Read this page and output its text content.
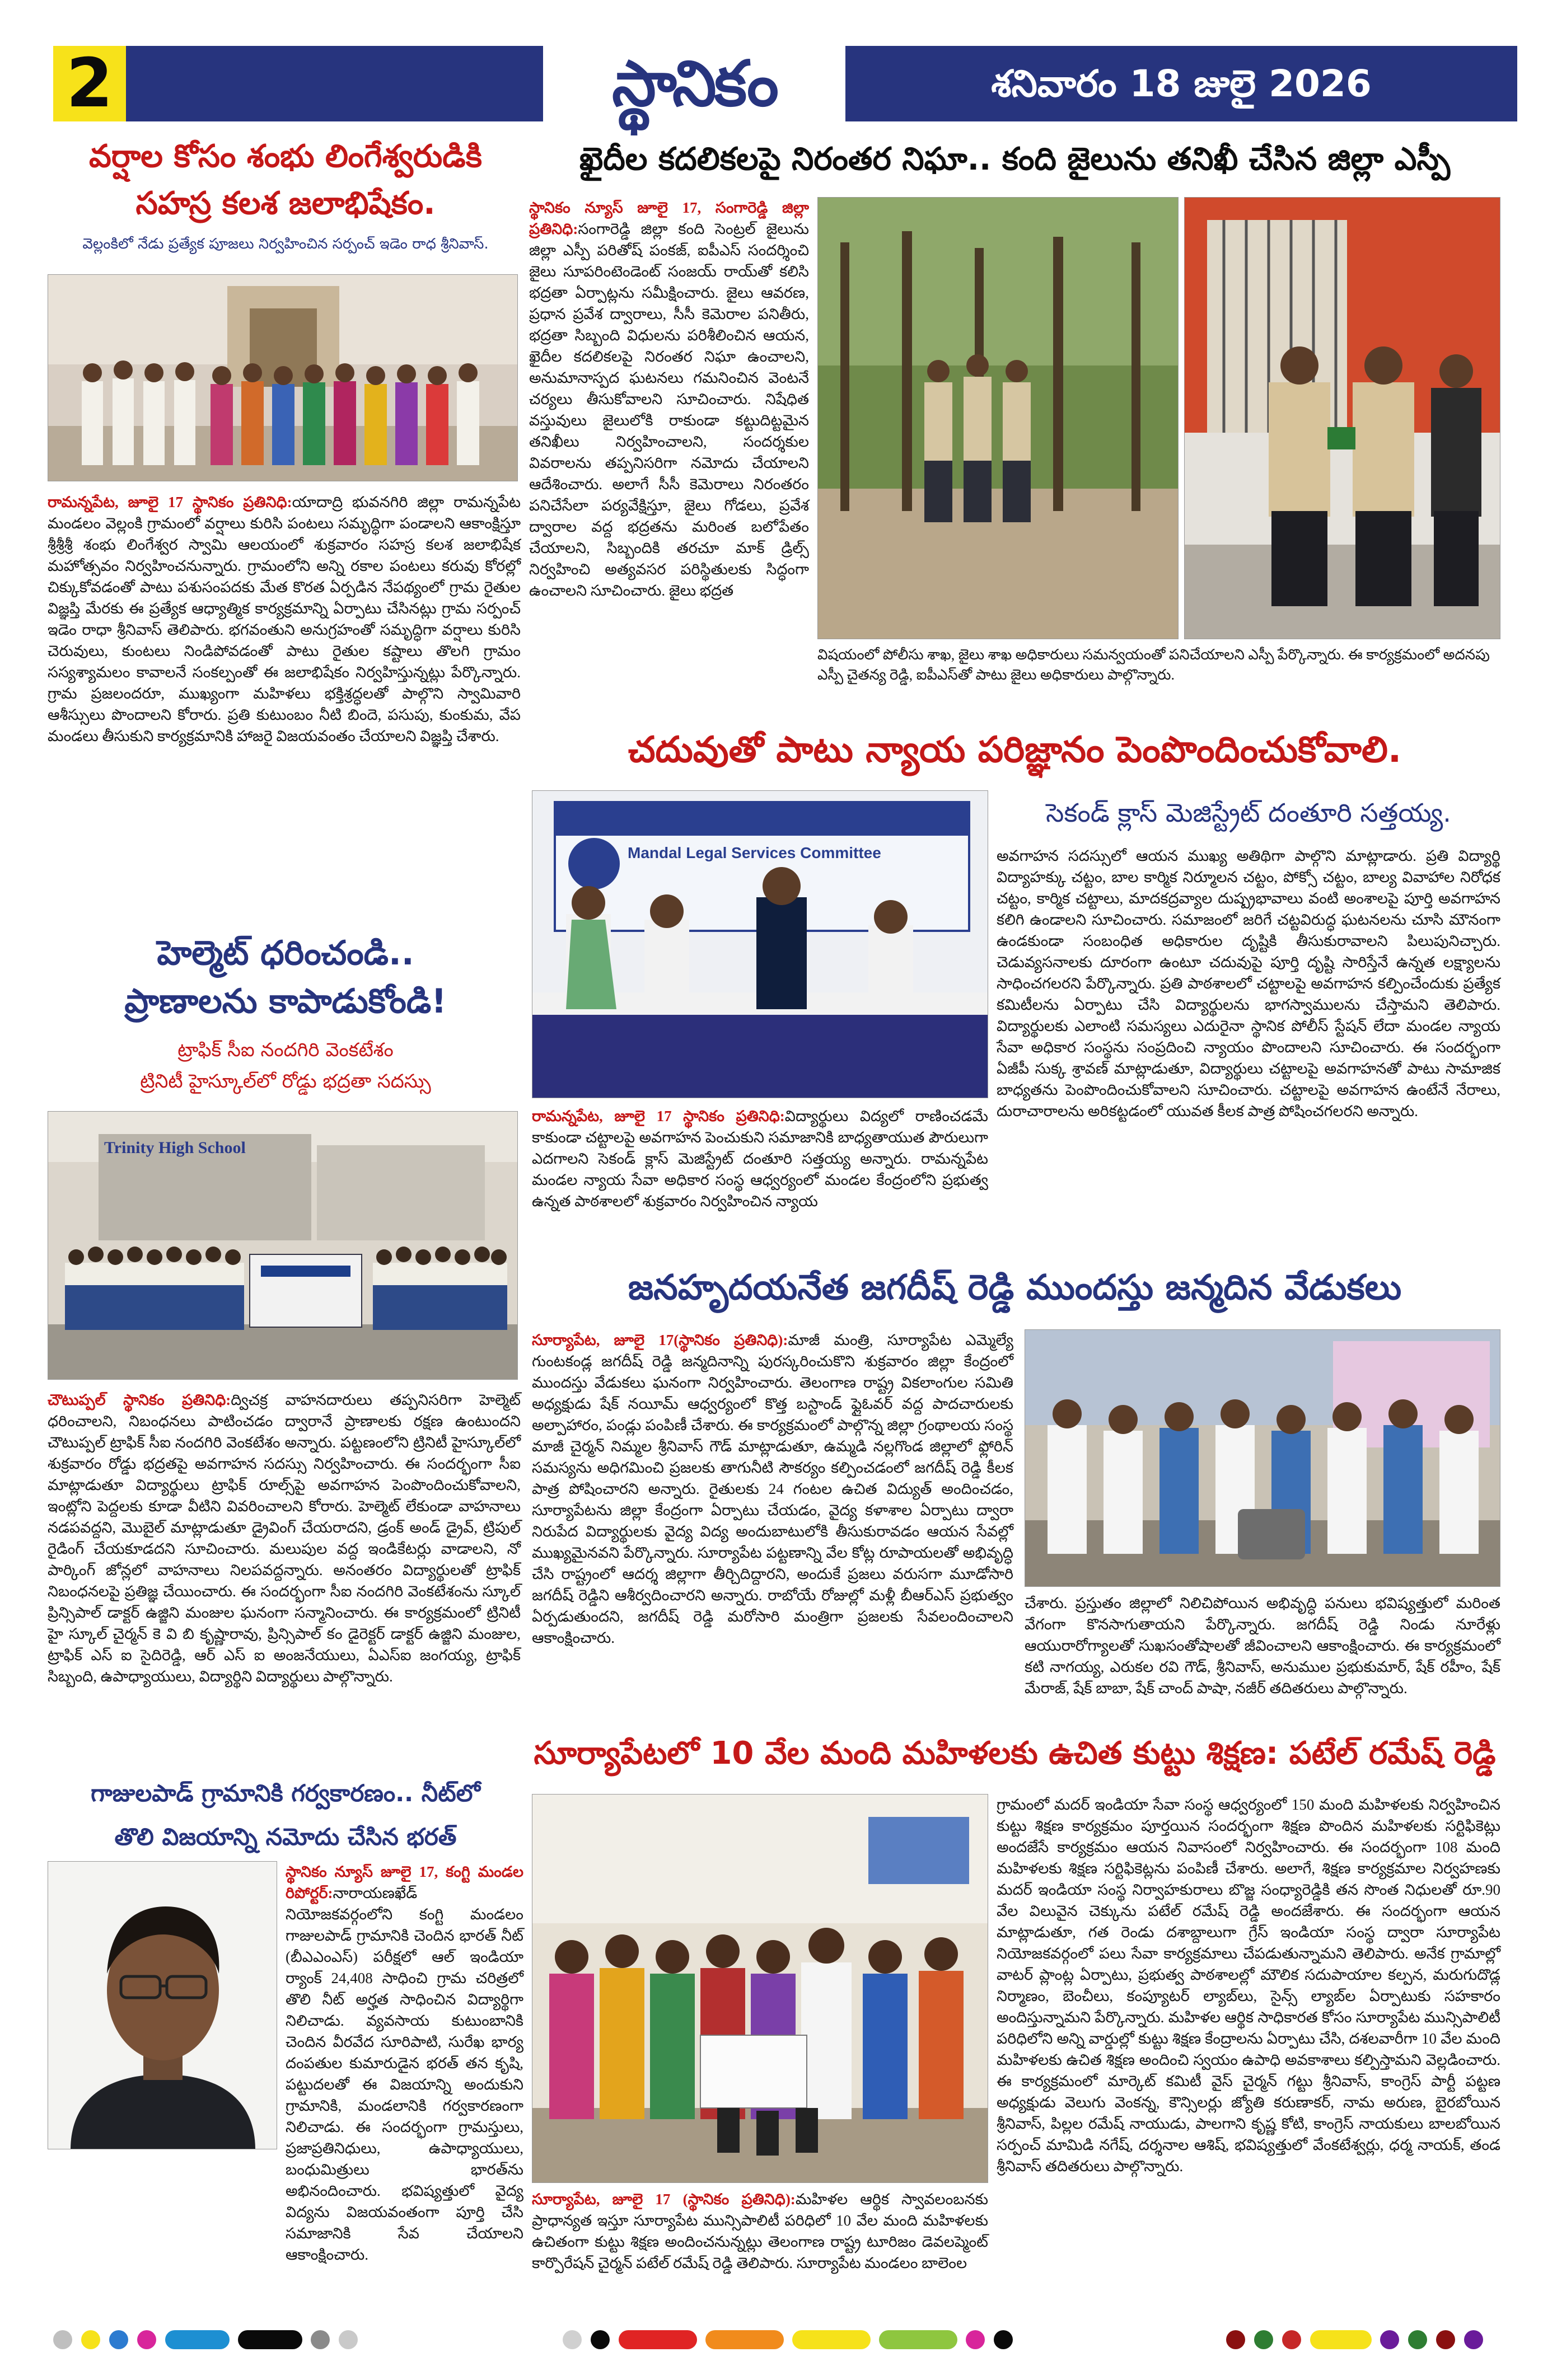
2	స్థానికం	శనివారం 18 జులై 2026
వర్షాల కోసం శంభు లింగేశ్వరుడికి
సహస్ర కలశ జలాభిషేకం.
వెల్లంకిలో నేడు ప్రత్యేక పూజలు నిర్వహించిన సర్పంచ్ ఇడెం రాధ శ్రీనివాస్.
రామన్నపేట, జూలై 17 స్థానికం ప్రతినిధి:యాదాద్రి భువనగిరి జిల్లా రామన్నపేట మండలం వెల్లంకి గ్రామంలో వర్షాలు కురిసి పంటలు సమృద్ధిగా పండాలని ఆకాంక్షిస్తూ శ్రీశ్రీశ్రీ శంభు లింగేశ్వర స్వామి ఆలయంలో శుక్రవారం సహస్ర కలశ జలాభిషేక మహోత్సవం నిర్వహించనున్నారు. గ్రామంలోని అన్ని రకాల పంటలు కరువు కోరల్లో చిక్కుకోవడంతో పాటు పశుసంపదకు మేత కొరత ఏర్పడిన నేపథ్యంలో గ్రామ రైతుల విజ్ఞప్తి మేరకు ఈ ప్రత్యేక ఆధ్యాత్మిక కార్యక్రమాన్ని ఏర్పాటు చేసినట్లు గ్రామ సర్పంచ్ ఇడెం రాధా శ్రీనివాస్ తెలిపారు. భగవంతుని అనుగ్రహంతో సమృద్ధిగా వర్షాలు కురిసి చెరువులు, కుంటలు నిండిపోవడంతో పాటు రైతుల కష్టాలు తొలగి గ్రామం సస్యశ్యామలం కావాలనే సంకల్పంతో ఈ జలాభిషేకం నిర్వహిస్తున్నట్లు పేర్కొన్నారు. గ్రామ ప్రజలందరూ, ముఖ్యంగా మహిళలు భక్తిశ్రద్ధలతో పాల్గొని స్వామివారి ఆశీస్సులు పొందాలని కోరారు. ప్రతి కుటుంబం నీటి బిందె, పసుపు, కుంకుమ, వేప మండలు తీసుకుని కార్యక్రమానికి హాజరై విజయవంతం చేయాలని విజ్ఞప్తి చేశారు.
హెల్మెట్ ధరించండి..
ప్రాణాలను కాపాడుకోండి!
ట్రాఫిక్ సీఐ నందగిరి వెంకటేశం
ట్రినిటీ హైస్కూల్‌లో రోడ్డు భద్రతా సదస్సు
Trinity High School
చౌటుప్పల్ స్థానికం ప్రతినిధి:ద్విచక్ర వాహనదారులు తప్పనిసరిగా హెల్మెట్ ధరించాలని, నిబంధనలు పాటించడం ద్వారానే ప్రాణాలకు రక్షణ ఉంటుందని చౌటుప్పల్ ట్రాఫిక్ సీఐ నందగిరి వెంకటేశం అన్నారు. పట్టణంలోని ట్రినిటీ హైస్కూల్‌లో శుక్రవారం రోడ్డు భద్రతపై అవగాహన సదస్సు నిర్వహించారు. ఈ సందర్భంగా సీఐ మాట్లాడుతూ విద్యార్థులు ట్రాఫిక్ రూల్స్‌పై అవగాహన పెంపొందించుకోవాలని, ఇంట్లోని పెద్దలకు కూడా వీటిని వివరించాలని కోరారు. హెల్మెట్ లేకుండా వాహనాలు నడపవద్దని, మొబైల్ మాట్లాడుతూ డ్రైవింగ్ చేయరాదని, డ్రంక్ అండ్ డ్రైవ్, ట్రిపుల్ రైడింగ్ చేయకూడదని సూచించారు. మలుపుల వద్ద ఇండికేటర్లు వాడాలని, నో పార్కింగ్ జోన్లలో వాహనాలు నిలపవద్దన్నారు. అనంతరం విద్యార్థులతో ట్రాఫిక్ నిబంధనలపై ప్రతిజ్ఞ చేయించారు. ఈ సందర్భంగా సీఐ నందగిరి వెంకటేశంను స్కూల్ ప్రిన్సిపాల్ డాక్టర్ ఉజ్జిని మంజుల ఘనంగా సన్మానించారు. ఈ కార్యక్రమంలో ట్రినిటీ హై స్కూల్ చైర్మన్ కె వి బి కృష్ణారావు, ప్రిన్సిపాల్ కం డైరెక్టర్ డాక్టర్ ఉజ్జిని మంజుల, ట్రాఫిక్ ఎస్ ఐ సైదిరెడ్డి, ఆర్ ఎస్ ఐ అంజనేయులు, ఏఎస్ఐ జంగయ్య, ట్రాఫిక్ సిబ్బంది, ఉపాధ్యాయులు, విద్యార్థిని విద్యార్థులు పాల్గొన్నారు.
గాజులపాడ్ గ్రామానికి గర్వకారణం.. నీట్‌లో
తొలి విజయాన్ని నమోదు చేసిన భరత్
స్థానికం న్యూస్ జూలై 17, కంగ్టి మండల రిపోర్టర్:నారాయణఖేడ్ నియోజకవర్గంలోని కంగ్టి మండలం గాజులపాడ్ గ్రామానికి చెందిన భారత్ నీట్ (బీఎఎంఎస్) పరీక్షలో ఆల్ ఇండియా ర్యాంక్ 24,408 సాధించి గ్రామ చరిత్రలో తొలి నీట్ అర్హత సాధించిన విద్యార్థిగా నిలిచాడు. వ్యవసాయ కుటుంబానికి చెందిన వీరవేద సూరిపాటి, సురేఖ భార్య దంపతుల కుమారుడైన భరత్ తన కృషి, పట్టుదలతో ఈ విజయాన్ని అందుకుని గ్రామానికి, మండలానికి గర్వకారణంగా నిలిచాడు. ఈ సందర్భంగా గ్రామస్తులు, ప్రజాప్రతినిధులు, ఉపాధ్యాయులు, బంధుమిత్రులు భారత్‌ను అభినందించారు. భవిష్యత్తులో వైద్య విద్యను విజయవంతంగా పూర్తి చేసి సమాజానికి సేవ చేయాలని ఆకాంక్షించారు.
ఖైదీల కదలికలపై నిరంతర నిఘా.. కంది జైలును తనిఖీ చేసిన జిల్లా ఎస్పీ
స్థానికం న్యూస్ జూలై 17, సంగారెడ్డి జిల్లా ప్రతినిధి:సంగారెడ్డి జిల్లా కంది సెంట్రల్ జైలును జిల్లా ఎస్పీ పరితోష్ పంకజ్, ఐపీఎస్ సందర్శించి జైలు సూపరింటెండెంట్ సంజయ్ రాయ్‌తో కలిసి భద్రతా ఏర్పాట్లను సమీక్షించారు. జైలు ఆవరణ, ప్రధాన ప్రవేశ ద్వారాలు, సీసీ కెమెరాల పనితీరు, భద్రతా సిబ్బంది విధులను పరిశీలించిన ఆయన, ఖైదీల కదలికలపై నిరంతర నిఘా ఉంచాలని, అనుమానాస్పద ఘటనలు గమనించిన వెంటనే చర్యలు తీసుకోవాలని సూచించారు. నిషేధిత వస్తువులు జైలులోకి రాకుండా కట్టుదిట్టమైన తనిఖీలు నిర్వహించాలని, సందర్శకుల వివరాలను తప్పనిసరిగా నమోదు చేయాలని ఆదేశించారు. అలాగే సీసీ కెమెరాలు నిరంతరం పనిచేసేలా పర్యవేక్షిస్తూ, జైలు గోడలు, ప్రవేశ ద్వారాల వద్ద భద్రతను మరింత బలోపేతం చేయాలని, సిబ్బందికి తరచూ మాక్ డ్రిల్స్ నిర్వహించి అత్యవసర పరిస్థితులకు సిద్ధంగా ఉంచాలని సూచించారు. జైలు భద్రత
విషయంలో పోలీసు శాఖ, జైలు శాఖ అధికారులు సమన్వయంతో పనిచేయాలని ఎస్పీ పేర్కొన్నారు. ఈ కార్యక్రమంలో అదనపు ఎస్పీ చైతన్య రెడ్డి, ఐపీఎస్‌తో పాటు జైలు అధికారులు పాల్గొన్నారు.
చదువుతో పాటు న్యాయ పరిజ్ఞానం పెంపొందించుకోవాలి.
Mandal Legal Services Committee
సెకండ్ క్లాస్ మెజిస్ట్రేట్ దంతూరి సత్తయ్య.
రామన్నపేట, జూలై 17 స్థానికం ప్రతినిధి:విద్యార్థులు విద్యలో రాణించడమే కాకుండా చట్టాలపై అవగాహన పెంచుకుని సమాజానికి బాధ్యతాయుత పౌరులుగా ఎదగాలని సెకండ్ క్లాస్ మెజిస్ట్రేట్ దంతూరి సత్తయ్య అన్నారు. రామన్నపేట మండల న్యాయ సేవా అధికార సంస్థ ఆధ్వర్యంలో మండల కేంద్రంలోని ప్రభుత్వ ఉన్నత పాఠశాలలో శుక్రవారం నిర్వహించిన న్యాయ
అవగాహన సదస్సులో ఆయన ముఖ్య అతిథిగా పాల్గొని మాట్లాడారు. ప్రతి విద్యార్థి విద్యాహక్కు చట్టం, బాల కార్మిక నిర్మూలన చట్టం, పోక్సో చట్టం, బాల్య వివాహాల నిరోధక చట్టం, కార్మిక చట్టాలు, మాదకద్రవ్యాల దుష్ప్రభావాలు వంటి అంశాలపై పూర్తి అవగాహన కలిగి ఉండాలని సూచించారు. సమాజంలో జరిగే చట్టవిరుద్ధ ఘటనలను చూసి మౌనంగా ఉండకుండా సంబంధిత అధికారుల దృష్టికి తీసుకురావాలని పిలుపునిచ్చారు. చెడువ్యసనాలకు దూరంగా ఉంటూ చదువుపై పూర్తి దృష్టి సారిస్తేనే ఉన్నత లక్ష్యాలను సాధించగలరని పేర్కొన్నారు. ప్రతి పాఠశాలలో చట్టాలపై అవగాహన కల్పించేందుకు ప్రత్యేక కమిటీలను ఏర్పాటు చేసి విద్యార్థులను భాగస్వాములను చేస్తామని తెలిపారు. విద్యార్థులకు ఎలాంటి సమస్యలు ఎదురైనా స్థానిక పోలీస్ స్టేషన్ లేదా మండల న్యాయ సేవా అధికార సంస్థను సంప్రదించి న్యాయం పొందాలని సూచించారు. ఈ సందర్భంగా ఏజీపీ సుక్క శ్రావణ్ మాట్లాడుతూ, విద్యార్థులు చట్టాలపై అవగాహనతో పాటు సామాజిక బాధ్యతను పెంపొందించుకోవాలని సూచించారు. చట్టాలపై అవగాహన ఉంటేనే నేరాలు, దురాచారాలను అరికట్టడంలో యువత కీలక పాత్ర పోషించగలరని అన్నారు.
జనహృదయనేత జగదీష్ రెడ్డి ముందస్తు జన్మదిన వేడుకలు
సూర్యాపేట, జూలై 17(స్థానికం ప్రతినిధి):మాజీ మంత్రి, సూర్యాపేట ఎమ్మెల్యే గుంటకండ్ల జగదీష్ రెడ్డి జన్మదినాన్ని పురస్కరించుకొని శుక్రవారం జిల్లా కేంద్రంలో ముందస్తు వేడుకలు ఘనంగా నిర్వహించారు. తెలంగాణ రాష్ట్ర వికలాంగుల సమితి అధ్యక్షుడు షేక్ నయీమ్ ఆధ్వర్యంలో కొత్త బస్టాండ్ ఫ్లైఓవర్ వద్ద పాదచారులకు అల్పాహారం, పండ్లు పంపిణీ చేశారు. ఈ కార్యక్రమంలో పాల్గొన్న జిల్లా గ్రంథాలయ సంస్థ మాజీ చైర్మన్ నిమ్మల శ్రీనివాస్ గౌడ్ మాట్లాడుతూ, ఉమ్మడి నల్లగొండ జిల్లాలో ఫ్లోరిన్ సమస్యను అధిగమించి ప్రజలకు తాగునీటి సౌకర్యం కల్పించడంలో జగదీష్ రెడ్డి కీలక పాత్ర పోషించారని అన్నారు. రైతులకు 24 గంటల ఉచిత విద్యుత్ అందించడం, సూర్యాపేటను జిల్లా కేంద్రంగా ఏర్పాటు చేయడం, వైద్య కళాశాల ఏర్పాటు ద్వారా నిరుపేద విద్యార్థులకు వైద్య విద్య అందుబాటులోకి తీసుకురావడం ఆయన సేవల్లో ముఖ్యమైనవని పేర్కొన్నారు. సూర్యాపేట పట్టణాన్ని వేల కోట్ల రూపాయలతో అభివృద్ధి చేసి రాష్ట్రంలో ఆదర్శ జిల్లాగా తీర్చిదిద్దారని, అందుకే ప్రజలు వరుసగా మూడోసారి జగదీష్ రెడ్డిని ఆశీర్వదించారని అన్నారు. రాబోయే రోజుల్లో మళ్లీ బీఆర్ఎస్ ప్రభుత్వం ఏర్పడుతుందని, జగదీష్ రెడ్డి మరోసారి మంత్రిగా ప్రజలకు సేవలందించాలని ఆకాంక్షించారు.
చేశారు. ప్రస్తుతం జిల్లాలో నిలిచిపోయిన అభివృద్ధి పనులు భవిష్యత్తులో మరింత వేగంగా కొనసాగుతాయని పేర్కొన్నారు. జగదీష్ రెడ్డి నిండు నూరేళ్లు ఆయురారోగ్యాలతో సుఖసంతోషాలతో జీవించాలని ఆకాంక్షించారు. ఈ కార్యక్రమంలో కటి నాగయ్య, ఎరుకల రవి గౌడ్, శ్రీనివాస్, అనుముల ప్రభుకుమార్, షేక్ రహీం, షేక్ మేరాజ్, షేక్ బాబా, షేక్ చాంద్ పాషా, నజీర్ తదితరులు పాల్గొన్నారు.
సూర్యాపేటలో 10 వేల మంది మహిళలకు ఉచిత కుట్టు శిక్షణ: పటేల్ రమేష్ రెడ్డి
సూర్యాపేట, జూలై 17 (స్థానికం ప్రతినిధి):మహిళల ఆర్థిక స్వావలంబనకు ప్రాధాన్యత ఇస్తూ సూర్యాపేట మున్సిపాలిటీ పరిధిలో 10 వేల మంది మహిళలకు ఉచితంగా కుట్టు శిక్షణ అందించనున్నట్లు తెలంగాణ రాష్ట్ర టూరిజం డెవలప్మెంట్ కార్పొరేషన్ చైర్మన్ పటేల్ రమేష్ రెడ్డి తెలిపారు. సూర్యాపేట మండలం బాలెంల
గ్రామంలో మదర్ ఇండియా సేవా సంస్థ ఆధ్వర్యంలో 150 మంది మహిళలకు నిర్వహించిన కుట్టు శిక్షణ కార్యక్రమం పూర్తయిన సందర్భంగా శిక్షణ పొందిన మహిళలకు సర్టిఫికెట్లు అందజేసే కార్యక్రమం ఆయన నివాసంలో నిర్వహించారు. ఈ సందర్భంగా 108 మంది మహిళలకు శిక్షణ సర్టిఫికెట్లను పంపిణీ చేశారు. అలాగే, శిక్షణ కార్యక్రమాల నిర్వహణకు మదర్ ఇండియా సంస్థ నిర్వాహకురాలు బొజ్జ సంధ్యారెడ్డికి తన సొంత నిధులతో రూ.90 వేల విలువైన చెక్కును పటేల్ రమేష్ రెడ్డి అందజేశారు. ఈ సందర్భంగా ఆయన మాట్లాడుతూ, గత రెండు దశాబ్దాలుగా గ్రేస్ ఇండియా సంస్థ ద్వారా సూర్యాపేట నియోజకవర్గంలో పలు సేవా కార్యక్రమాలు చేపడుతున్నామని తెలిపారు. అనేక గ్రామాల్లో వాటర్ ప్లాంట్ల ఏర్పాటు, ప్రభుత్వ పాఠశాలల్లో మౌలిక సదుపాయాల కల్పన, మరుగుదొడ్ల నిర్మాణం, బెంచీలు, కంప్యూటర్ ల్యాబ్‌లు, సైన్స్ ల్యాబ్‌ల ఏర్పాటుకు సహకారం అందిస్తున్నామని పేర్కొన్నారు. మహిళల ఆర్థిక సాధికారత కోసం సూర్యాపేట మున్సిపాలిటీ పరిధిలోని అన్ని వార్డుల్లో కుట్టు శిక్షణ కేంద్రాలను ఏర్పాటు చేసి, దశలవారీగా 10 వేల మంది మహిళలకు ఉచిత శిక్షణ అందించి స్వయం ఉపాధి అవకాశాలు కల్పిస్తామని వెల్లడించారు. ఈ కార్యక్రమంలో మార్కెట్ కమిటీ వైస్ చైర్మన్ గట్టు శ్రీనివాస్, కాంగ్రెస్ పార్టీ పట్టణ అధ్యక్షుడు వెలుగు వెంకన్న, కౌన్సిలర్లు జ్యోతి కరుణాకర్, నామ అరుణ, బైరబోయిన శ్రీనివాస్, పిల్లల రమేష్ నాయుడు, పాలగాని కృష్ణ కోటి, కాంగ్రెస్ నాయకులు బాలబోయిన సర్పంచ్ మామిడి నగేష్, దర్శనాల ఆశిష్, భవిష్యత్తులో వేంకటేశ్వర్లు, ధర్మ నాయక్, తండ శ్రీనివాస్ తదితరులు పాల్గొన్నారు.
